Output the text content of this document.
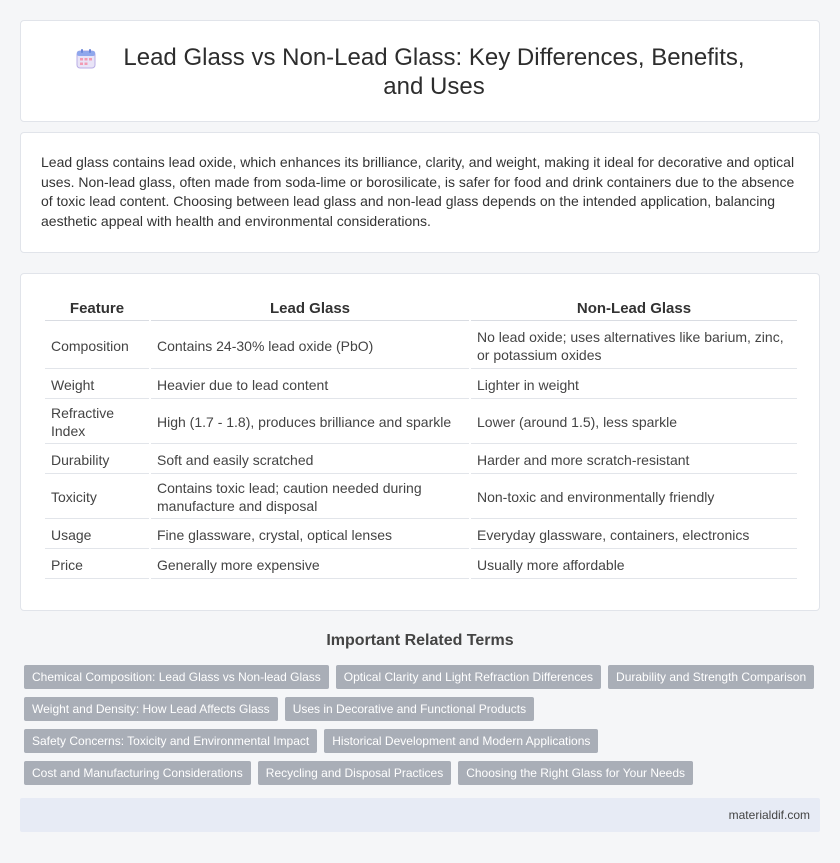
Lead Glass vs Non-Lead Glass: Key Differences, Benefits, and Uses

Lead glass contains lead oxide, which enhances its brilliance, clarity, and weight, making it ideal for decorative and optical uses. Non-lead glass, often made from soda-lime or borosilicate, is safer for food and drink containers due to the absence of toxic lead content. Choosing between lead glass and non-lead glass depends on the intended application, balancing aesthetic appeal with health and environmental considerations.

Feature	Lead Glass	Non-Lead Glass
Composition	Contains 24-30% lead oxide (PbO)	No lead oxide; uses alternatives like barium, zinc, or potassium oxides
Weight	Heavier due to lead content	Lighter in weight
Refractive Index	High (1.7 - 1.8), produces brilliance and sparkle	Lower (around 1.5), less sparkle
Durability	Soft and easily scratched	Harder and more scratch-resistant
Toxicity	Contains toxic lead; caution needed during manufacture and disposal	Non-toxic and environmentally friendly
Usage	Fine glassware, crystal, optical lenses	Everyday glassware, containers, electronics
Price	Generally more expensive	Usually more affordable
Important Related Terms
Chemical Composition: Lead Glass vs Non-lead Glass	Optical Clarity and Light Refraction Differences	Durability and Strength Comparison
Weight and Density: How Lead Affects Glass	Uses in Decorative and Functional Products
Safety Concerns: Toxicity and Environmental Impact	Historical Development and Modern Applications
Cost and Manufacturing Considerations	Recycling and Disposal Practices	Choosing the Right Glass for Your Needs
materialdif.com
